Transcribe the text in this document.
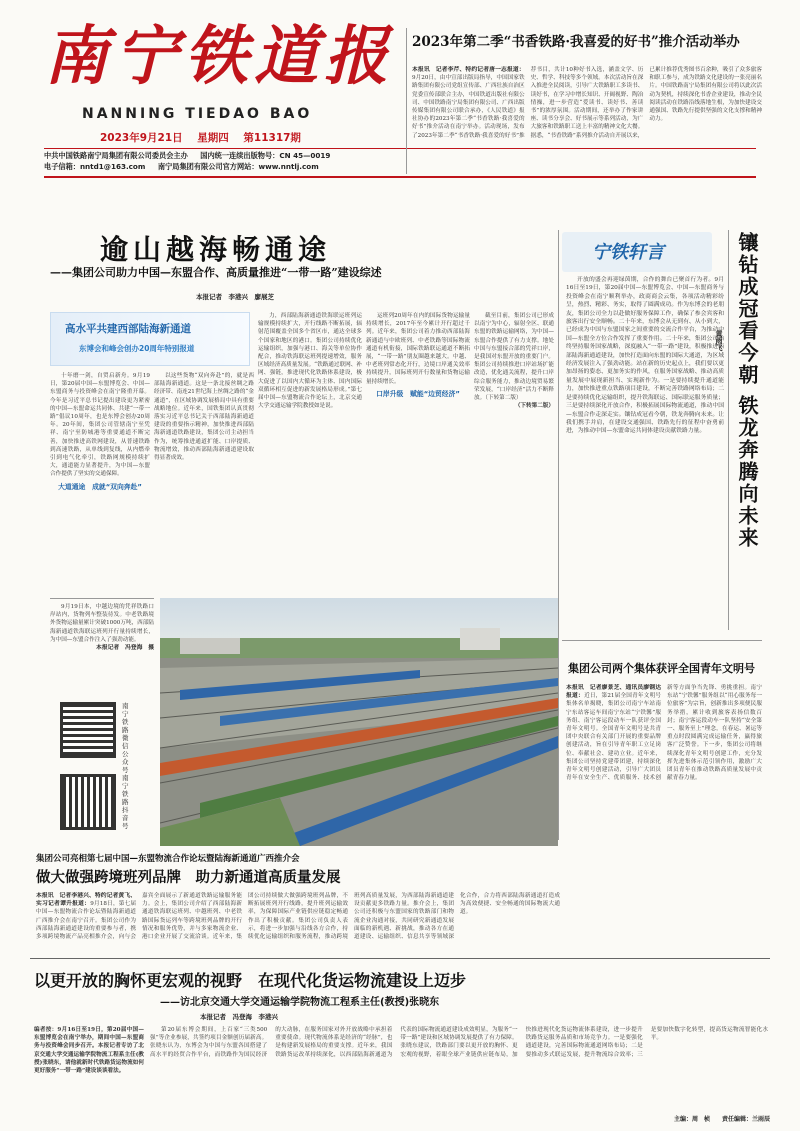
南宁铁道报
NANNING TIEDAO BAO
2023年9月21日 星期四 第11317期
中共中国铁路南宁局集团有限公司委员会主办 国内统一连续出版物号：CN 45—0019
电子信箱：nntd1@163.com 南宁局集团有限公司官方网站：www.nntlj.com
2023年第二季“书香铁路·我喜爱的好书”推介活动举办
本报讯　记者李芹、特约记者唐一志报道：9月20日，由中宣部出版局指导，中国国家铁路集团有限公司党组宣传部、广西壮族自治区党委宣传部联合主办，中国铁道出版社有限公司、中国铁路南宁局集团有限公司、广西出版传媒集团有限公司联合承办，《人民铁道》报社协办的2023年第二季“书香铁路·我喜爱的好书”推介活动在南宁举办。活动现场，发布了2023年第二季“书香铁路·我喜爱的好书”推荐书目，共计10种好书入选，涵盖文学、历史、哲学、科技等多个领域。本次活动旨在深入推进全民阅读，引导广大铁路职工多读书、读好书，在学习中增长知识、开阔视野、陶冶情操，进一步营造“爱读书、读好书、善读书”的浓厚氛围。活动期间，还举办了作家讲座、读书分享会、好书展示等系列活动，为广大旅客和铁路职工送上丰富的精神文化大餐。据悉，“书香铁路”系列推介活动自开展以来，已累计推荐优秀图书百余种，吸引了众多旅客和职工参与，成为铁路文化建设的一张亮丽名片。中国铁路南宁局集团有限公司将以此次活动为契机，持续深化书香企业建设，推动全民阅读活动在铁路沿线落地生根，为加快建设交通强国、铁路先行提供坚强的文化支撑和精神动力。
逾山越海畅通途
——集团公司助力中国—东盟合作、高质量推进“一带一路”建设综述
本报记者　李港兴　廖展芝
高水平共建西部陆海新通道
东博会和峰会创办20周年特别报道

十年磨一剑，自贸启新舟。9月19日，第20届中国—东盟博览会、中国—东盟商务与投资峰会在南宁隆重开幕。今年是习近平总书记提出建设更为紧密的中国—东盟命运共同体、共建“一带一路”倡议10周年，也是东博会创办20周年。20年间，集团公司管辖南宁至凭祥、南宁至防城港等重要通道不断完善，加快推进高铁网建设，从普速铁路到高速铁路，从单线到复线，从内燃牵引到电气化牵引，铁路网规模持续扩大，通道能力显著提升，为中国—东盟合作提供了坚实的交通保障。

大道通途　成就“双向奔赴”

以这些货物“双向奔赴”的，就是西部陆海新通道。这是一条北接丝绸之路经济带、南连21世纪海上丝绸之路的“金通道”，在区域协调发展格局中具有重要战略地位。近年来，国铁集团认真贯彻落实习近平总书记关于西部陆海新通道建设的重要指示精神，加快推进西部陆海新通道铁路建设，集团公司主动担当作为，统筹推进通道扩能、口岸提质、物流增效，推动西部陆海新通道建设取得显著成效。

力，西部陆海新通道铁海联运班列运输规模持续扩大，开行线路不断拓展，辐射范围覆盖全国多个省区市，通达全球多个国家和地区的港口。集团公司持续优化运输组织，加强与港口、海关等单位协作配合，推动铁海联运班列提速增效，服务区域经济高质量发展。“铁路通过联网、补网、强链，推进现代化铁路体系建设，极大促进了以国内大循环为主体、国内国际双循环相互促进的新发展格局形成。”第七届中国—东盟物流合作论坛上，北京交通大学交通运输学院教授如是说。

运班列20周年在内的国际货物运输量持续增长，2017年至今累计开行超过千列。近年来，集团公司着力推动西部陆海新通道与中欧班列、中老铁路等国际物流通道有机衔接，国际铁路联运通道不断拓展，“一带一路”朋友圈越来越大。中越、中老班列常态化开行，边境口岸通关效率持续提升，国际班列开行数量和货物运输量持续增长。

口岸升级　赋能“边贸经济”

截至目前，集团公司已形成以南宁为中心，辐射全区、联通东盟的铁路运输网络，为中国—东盟合作提供了有力支撑。地处中国与东盟接合部的凭祥口岸，是我国对东盟开放的重要门户。集团公司持续推进口岸站场扩能改造，优化通关流程，提升口岸综合服务能力，推动边境贸易繁荣发展，“口岸经济”活力不断释放。（下转第二版）

（下转第二版）

9月19日本，中越边境的凭祥铁路口岸站内，货物列车整装待发。中老铁路境外货物运输量累计突破1000万吨，西部陆海新通道铁海联运班列开行量持续增长，为中国—东盟合作注入了强劲动能。

本报记者　冯登海　摄
南宁铁路微信公众号
南宁铁路抖音号
宁铁轩言	镶钻成冠看今朝 铁龙奔腾向未来
黄雨飞
开放的盛会再迎绿茵期，合作的舞台已聚首行为者。9月16日至19日，第20届中国—东盟博览会、中国—东盟商务与投资峰会在南宁顺利举办，政商商会云集，各项活动精彩纷呈，热烈、精彩、务实，取得了圆满成功。作为东博会的老朋友，集团公司全力以赴做好服务保障工作，确保了参会宾客和旅客出行安全顺畅。二十年来，东博会从无到有、从小到大，已经成为中国与东盟国家之间重要的交流合作平台，为推动中国—东盟全方位合作发挥了重要作用。二十年来，集团公司始终坚持服务国家战略，深度融入“一带一路”建设，积极推进西部陆海新通道建设，加快打造面向东盟的国际大通道，为区域经济发展注入了强劲动能。站在新的历史起点上，我们要以更加昂扬的姿态、更加务实的作风，在服务国家战略、推动高质量发展中展现新担当、实现新作为。一是要持续提升通道能力，加快推进重点铁路项目建设，不断完善铁路网络布局；二是要持续优化运输组织，提升铁海联运、国际联运服务质量；三是要持续深化开放合作，积极拓展国际物流通道，推动中国—东盟合作走深走实。镶钻成冠看今朝，铁龙奔腾向未来。让我们携手并肩，在建设交通强国、铁路先行的征程中奋勇前进，为推动中国—东盟命运共同体建设贡献铁路力量。
集团公司两个集体获评全国青年文明号
本报讯　记者廖景芝、通讯员廖钢达报道：近日，第21届全国青年文明号集体名单揭晓，集团公司南宁车站南宁东站客运车间南宁东站“宁铁馨”服务组、南宁客运段动车一队获评全国青年文明号。全国青年文明号是共青团中央联合有关部门开展的重要品牌创建活动，旨在引导青年职工立足岗位、奉献社会、建功立业。近年来，集团公司坚持党建带团建，持续深化青年文明号创建活动，引导广大团员青年在安全生产、优质服务、技术创新等方面争当先锋、勇挑重担。南宁东站“宁铁馨”服务组以“用心服务每一位旅客”为宗旨，创新推出多项便民服务举措，累计收到旅客表扬信数百封；南宁客运段动车一队坚持“安全第一、服务至上”理念，在春运、暑运等重点时段圆满完成运输任务，赢得旅客广泛赞誉。下一步，集团公司将继续深化青年文明号创建工作，充分发挥先进集体示范引领作用，激励广大团员青年在推动铁路高质量发展中贡献青春力量。
集团公司亮相第七届中国—东盟物流合作论坛暨陆海新通道广西推介会
做大做强跨境班列品牌　助力新通道高质量发展
本报讯　记者李港兴、特约记者黄飞、实习记者谭升报道：9月18日，第七届中国—东盟物流合作论坛暨陆海新通道广西推介会在南宁召开。集团公司作为西部陆海新通道建设的重要参与者，携多项跨境物流产品亮相推介会，向与会嘉宾全面展示了新通道铁路运输服务能力。会上，集团公司介绍了西部陆海新通道铁海联运班列、中越班列、中老铁路国际货运列车等跨境班列品牌的开行情况和服务优势，并与多家物流企业、港口企业开展了交流洽谈。近年来，集团公司持续做大做强跨境班列品牌，不断拓展班列开行线路，提升班列运输效率，为保障国际产业链供应链稳定畅通作出了积极贡献。集团公司负责人表示，将进一步加强与沿线各方合作，持续优化运输组织和服务流程，推动跨境班列高质量发展，为西部陆海新通道建设贡献更多铁路力量。推介会上，集团公司还积极与东盟国家的铁路部门和物流企业沟通对接，共同研究新通道发展面临的新机遇、新挑战，推动各方在通道建设、运输组织、信息共享等领域深化合作，合力将西部陆海新通道打造成为高效便捷、安全畅通的国际物流大通道。
以更开放的胸怀更宏观的视野　在现代化货运物流建设上迈步
——访北京交通大学交通运输学院物流工程系主任(教授)张晓东
本报记者　冯登海　李港兴
编者按：9月16日至19日，第20届中国—东盟博览会在南宁举办，期间中国—东盟商务与投资峰会同步召开。本报记者专访了北京交通大学交通运输学院物流工程系主任(教授)张晓东，请他就新时代铁路货运物流如何更好服务“一带一路”建设谈谈看法。
第20届东博会期间，上百家“三类500强”等企业参展，共签约项目金额创历届新高。张晓东认为，东博会为中国与东盟各国搭建了高水平的经贸合作平台，而铁路作为国民经济的大动脉，在服务国家对外开放战略中承担着重要使命。现代物流体系是经济的“经脉”，也是构建新发展格局的重要支撑。近年来，我国铁路货运改革持续深化，以西部陆海新通道为代表的国际物流通道建设成效明显，为服务“一带一路”建设和区域协调发展提供了有力保障。张晓东建议，铁路部门要以更开放的胸怀、更宏观的视野，着眼全球产业链供应链布局，加快推进现代化货运物流体系建设，进一步提升铁路货运服务品质和市场竞争力。一是要强化通道建设，完善国际物流通道网络布局；二是要推动多式联运发展，提升物流综合效率；三是要加快数字化转型，提高货运物流智能化水平。
主编：周　桢　　责任编辑：兰雨辰
